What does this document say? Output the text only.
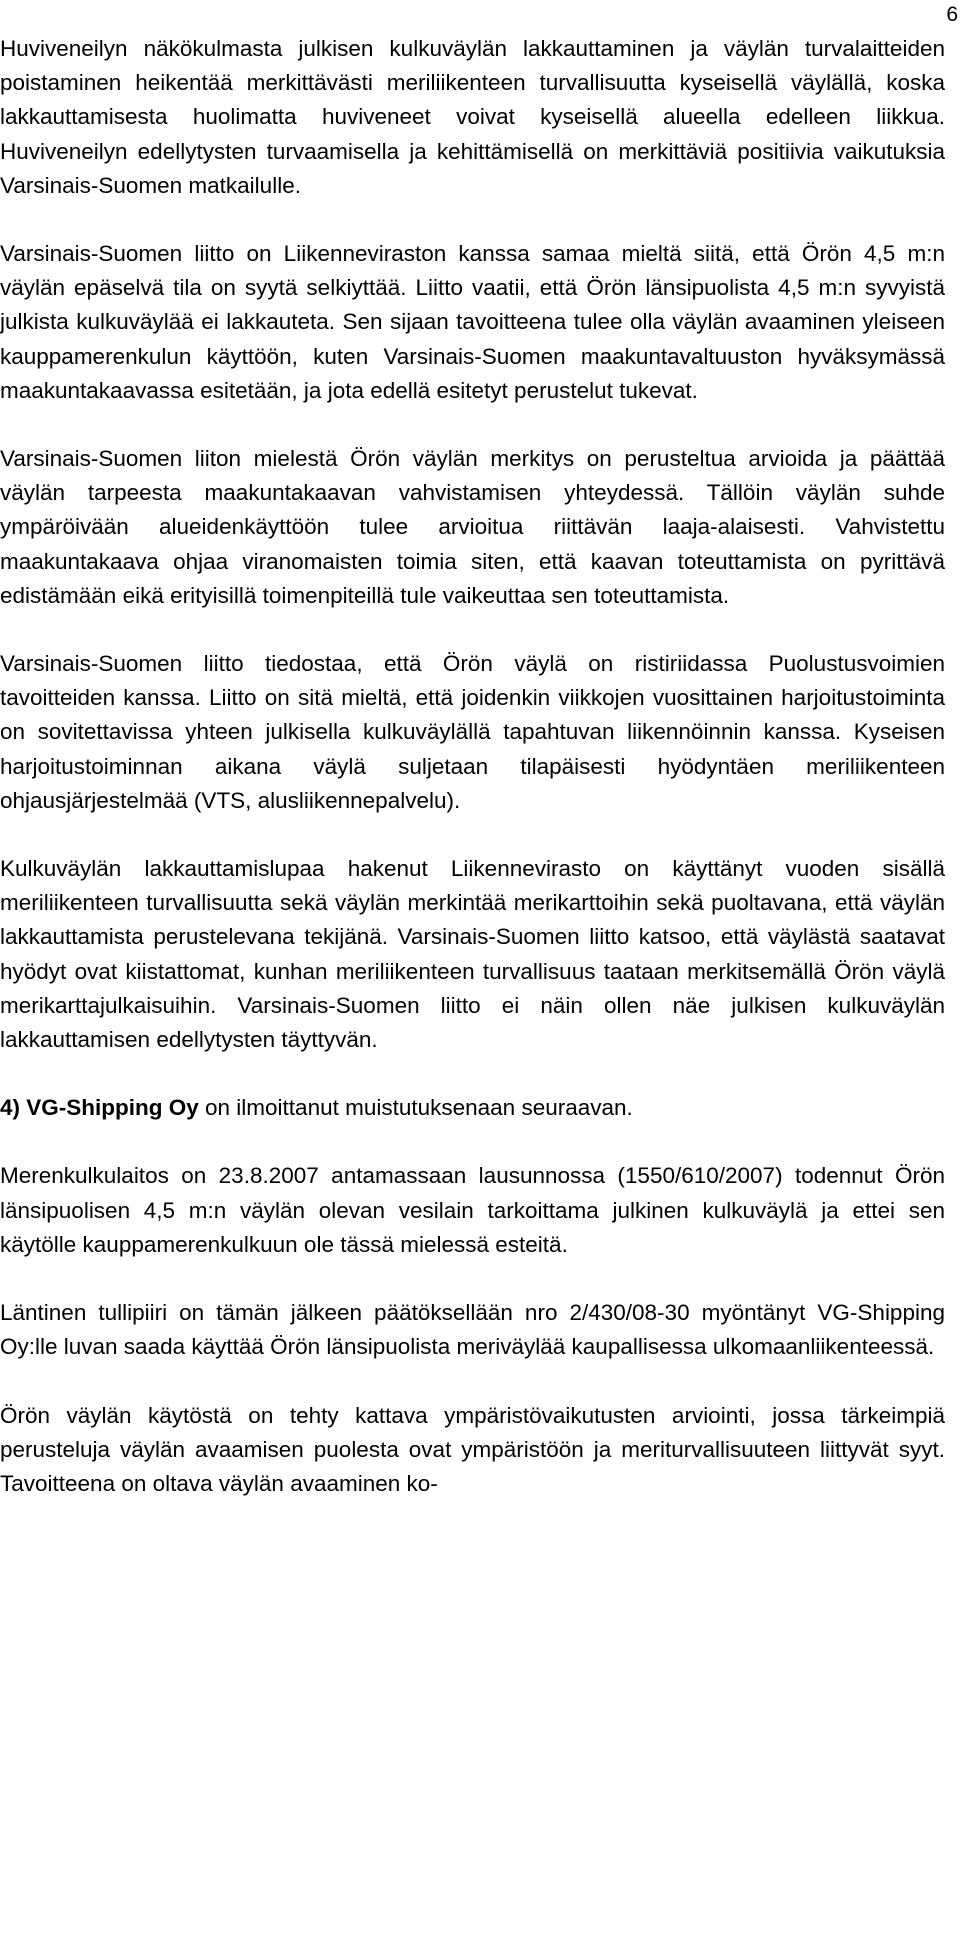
6

Huviveneilyn näkökulmasta julkisen kulkuväylän lakkauttaminen ja väylän turvalaitteiden poistaminen heikentää merkittävästi meriliikenteen turvallisuutta kyseisellä väylällä, koska lakkauttamisesta huolimatta huviveneet voivat kyseisellä alueella edelleen liikkua. Huviveneilyn edellytysten turvaamisella ja kehittämisellä on merkittäviä positiivia vaikutuksia Varsinais-Suomen matkailulle.

Varsinais-Suomen liitto on Liikenneviraston kanssa samaa mieltä siitä, että Örön 4,5 m:n väylän epäselvä tila on syytä selkiyttää. Liitto vaatii, että Örön länsipuolista 4,5 m:n syvyistä julkista kulkuväylää ei lakkauteta. Sen sijaan tavoitteena tulee olla väylän avaaminen yleiseen kauppamerenkulun käyttöön, kuten Varsinais-Suomen maakuntavaltuuston hyväksymässä maakuntakaavassa esitetään, ja jota edellä esitetyt perustelut tukevat.

Varsinais-Suomen liiton mielestä Örön väylän merkitys on perusteltua arvioida ja päättää väylän tarpeesta maakuntakaavan vahvistamisen yhteydessä. Tällöin väylän suhde ympäröivään alueidenkäyttöön tulee arvioitua riittävän laaja-alaisesti. Vahvistettu maakuntakaava ohjaa viranomaisten toimia siten, että kaavan toteuttamista on pyrittävä edistämään eikä erityisillä toimenpiteillä tule vaikeuttaa sen toteuttamista.

Varsinais-Suomen liitto tiedostaa, että Örön väylä on ristiriidassa Puolustusvoimien tavoitteiden kanssa. Liitto on sitä mieltä, että joidenkin viikkojen vuosittainen harjoitustoiminta on sovitettavissa yhteen julkisella kulkuväylällä tapahtuvan liikennöinnin kanssa. Kyseisen harjoitustoiminnan aikana väylä suljetaan tilapäisesti hyödyntäen meriliikenteen ohjausjärjestelmää (VTS, alusliikennepalvelu).

Kulkuväylän lakkauttamislupaa hakenut Liikennevirasto on käyttänyt vuoden sisällä meriliikenteen turvallisuutta sekä väylän merkintää merikarttoihin sekä puoltavana, että väylän lakkauttamista perustelevana tekijänä. Varsinais-Suomen liitto katsoo, että väylästä saatavat hyödyt ovat kiistattomat, kunhan meriliikenteen turvallisuus taataan merkitsemällä Örön väylä merikarttajulkaisuihin. Varsinais-Suomen liitto ei näin ollen näe julkisen kulkuväylän lakkauttamisen edellytysten täyttyvän.

4) VG-Shipping Oy on ilmoittanut muistutuksenaan seuraavan.

Merenkulkulaitos on 23.8.2007 antamassaan lausunnossa (1550/610/2007) todennut Örön länsipuolisen 4,5 m:n väylän olevan vesilain tarkoittama julkinen kulkuväylä ja ettei sen käytölle kauppamerenkulkuun ole tässä mielessä esteitä.

Läntinen tullipiiri on tämän jälkeen päätöksellään nro 2/430/08-30 myöntänyt VG-Shipping Oy:lle luvan saada käyttää Örön länsipuolista meriväylää kaupallisessa ulkomaanliikenteessä.

Örön väylän käytöstä on tehty kattava ympäristövaikutusten arviointi, jossa tärkeimpiä perusteluja väylän avaamisen puolesta ovat ympäristöön ja meriturvallisuuteen liittyvät syyt. Tavoitteena on oltava väylän avaaminen ko-
